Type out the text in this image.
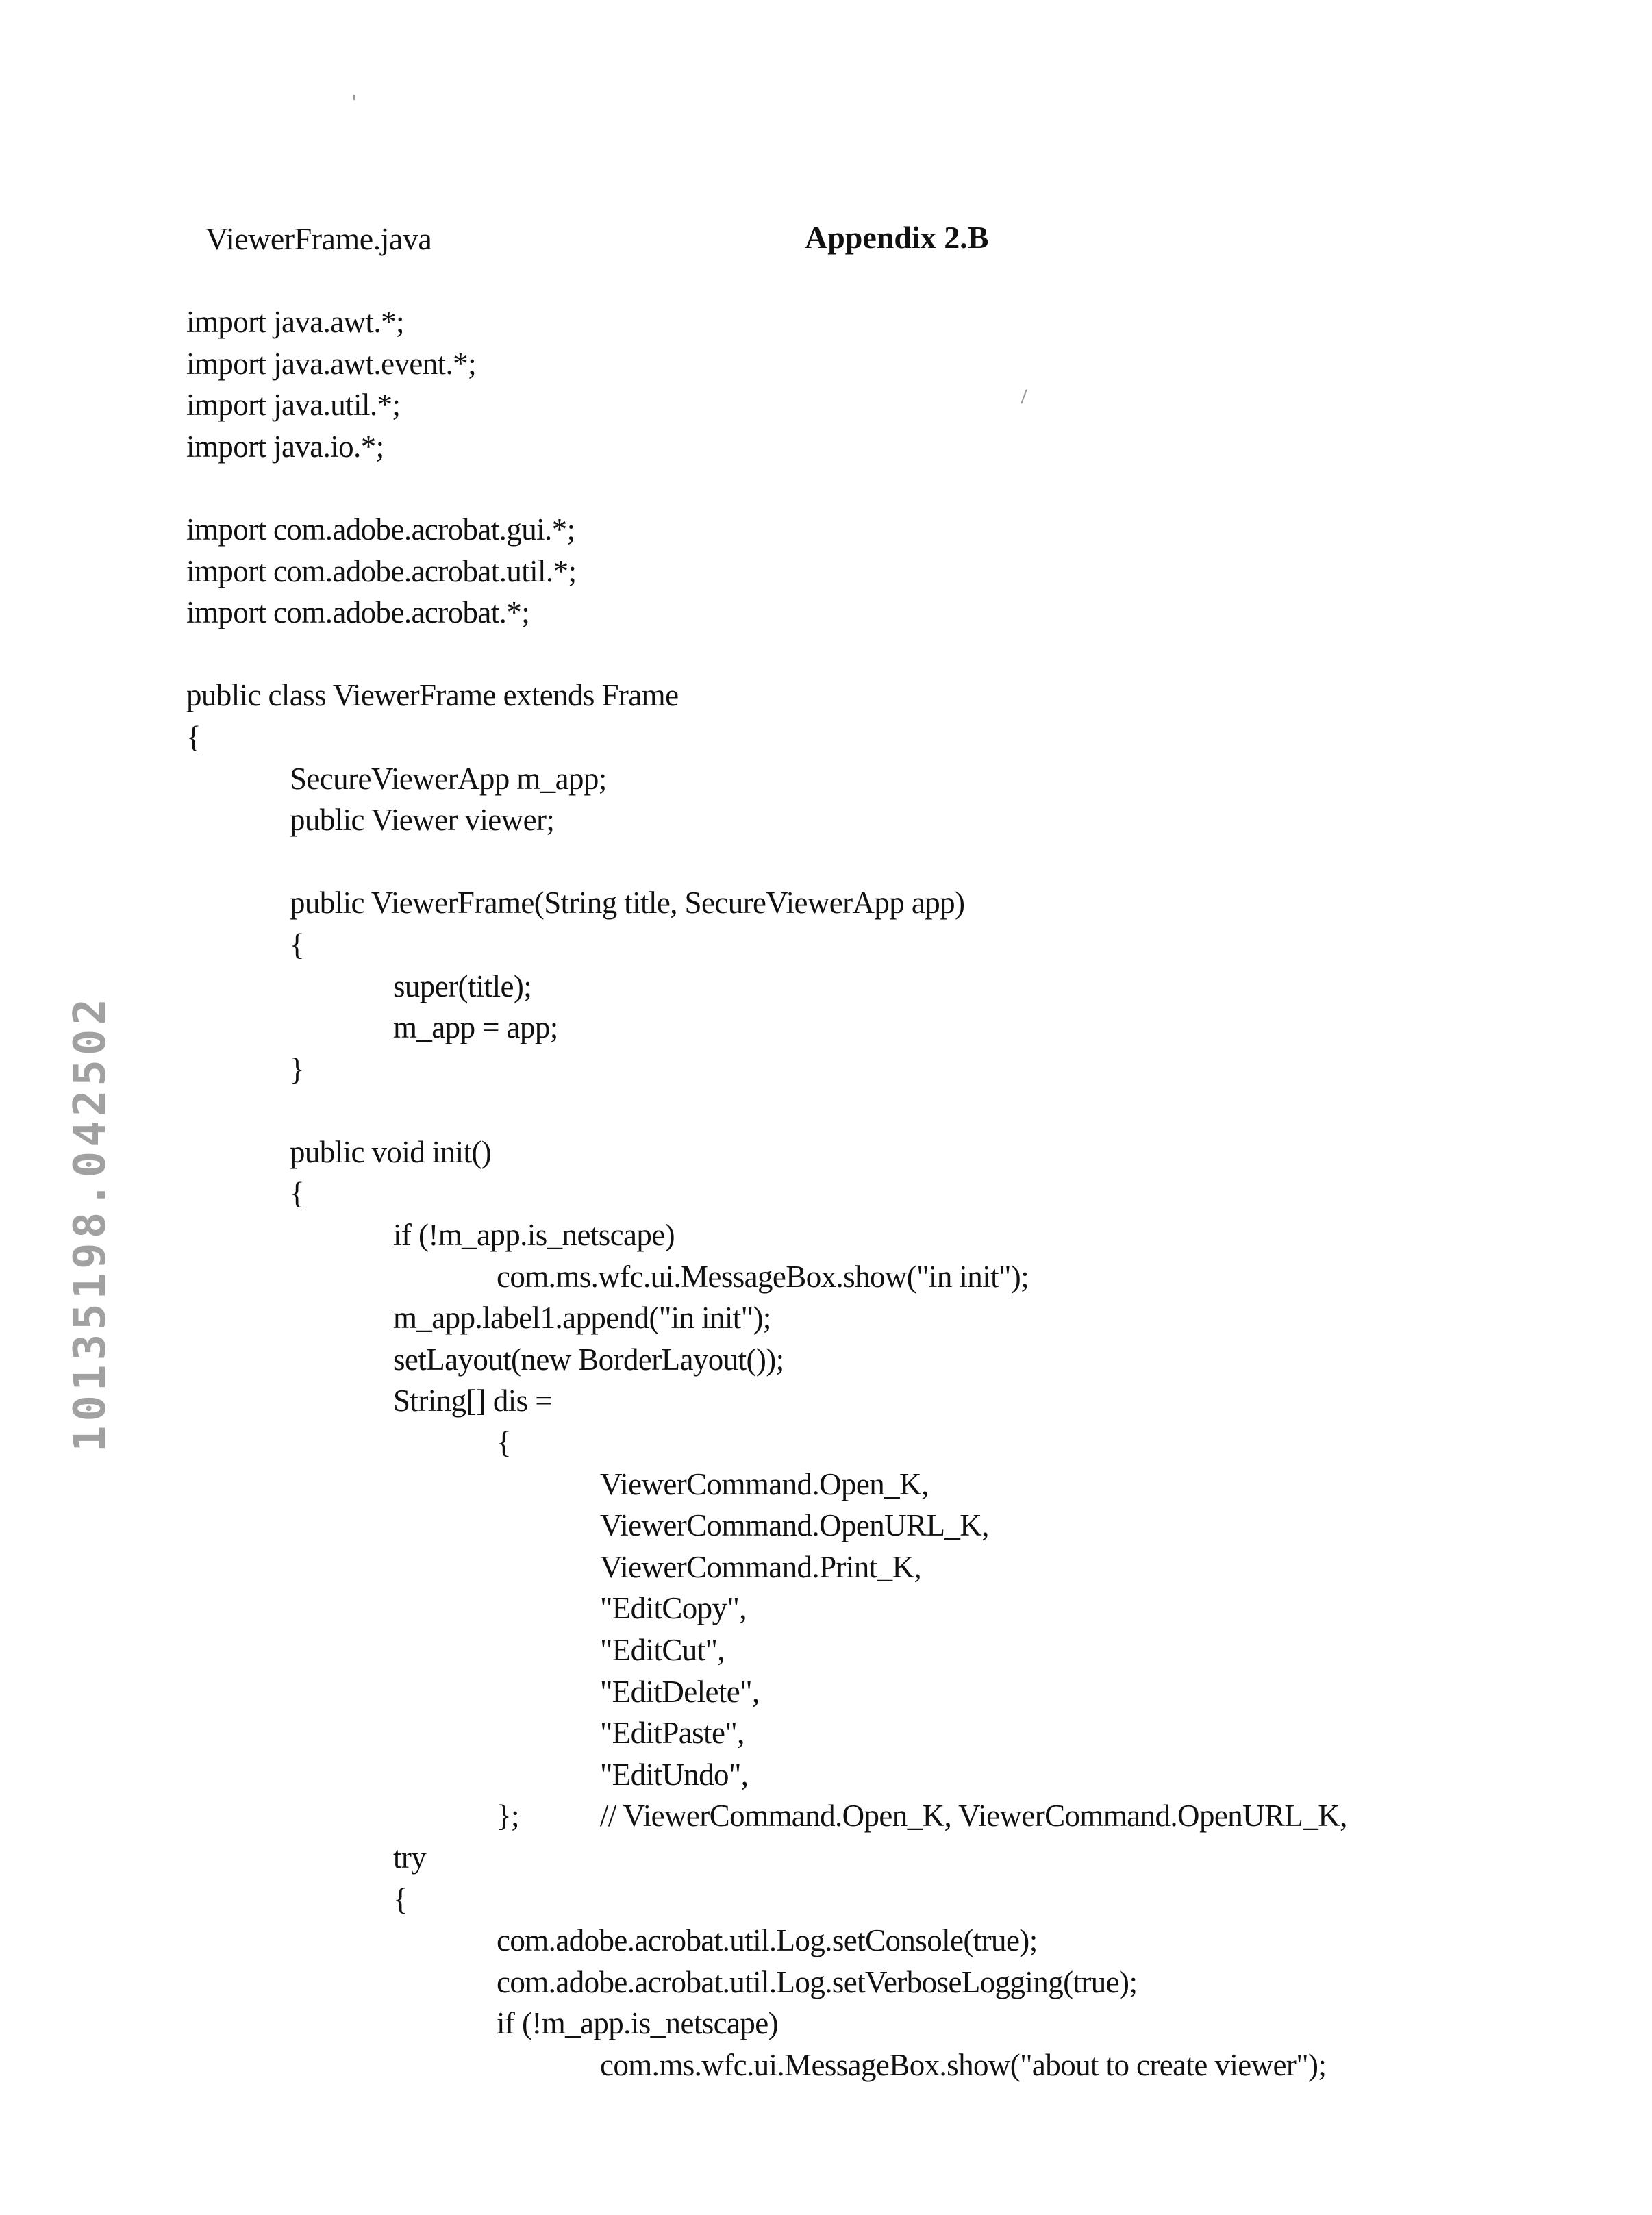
ViewerFrame.java	Appendix 2.B
10135198.042502
import java.awt.*;
import java.awt.event.*;
import java.util.*;
import java.io.*;
import com.adobe.acrobat.gui.*;
import com.adobe.acrobat.util.*;
import com.adobe.acrobat.*;
public class ViewerFrame extends Frame
{
SecureViewerApp m_app;
public Viewer viewer;
public ViewerFrame(String title, SecureViewerApp app)
{
super(title);
m_app = app;
}
public void init()
{
if (!m_app.is_netscape)
com.ms.wfc.ui.MessageBox.show("in init");
m_app.label1.append("in init");
setLayout(new BorderLayout());
String[] dis =
{
ViewerCommand.Open_K,
ViewerCommand.OpenURL_K,
ViewerCommand.Print_K,
"EditCopy",
"EditCut",
"EditDelete",
"EditPaste",
"EditUndo",
};	// ViewerCommand.Open_K, ViewerCommand.OpenURL_K,
try
{
com.adobe.acrobat.util.Log.setConsole(true);
com.adobe.acrobat.util.Log.setVerboseLogging(true);
if (!m_app.is_netscape)
com.ms.wfc.ui.MessageBox.show("about to create viewer");
